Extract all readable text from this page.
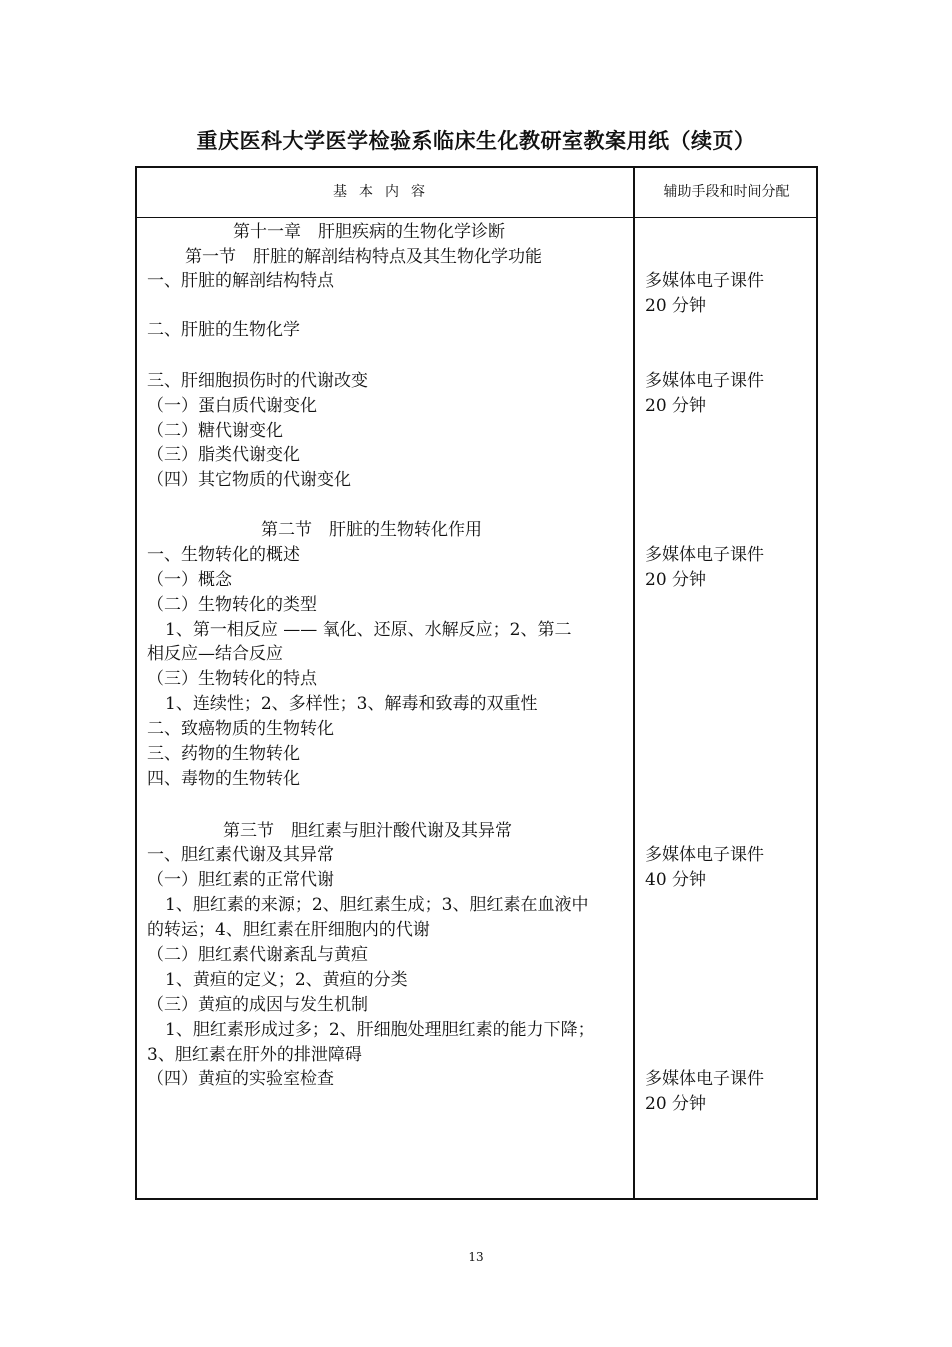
重庆医科大学医学检验系临床生化教研室教案用纸（续页）
基本内容	辅助手段和时间分配
第十一章　肝胆疾病的生物化学诊断
第一节　肝脏的解剖结构特点及其生物化学功能
一、肝脏的解剖结构特点
二、肝脏的生物化学
三、肝细胞损伤时的代谢改变
（一）蛋白质代谢变化
（二）糖代谢变化
（三）脂类代谢变化
（四）其它物质的代谢变化
第二节　肝脏的生物转化作用
一、生物转化的概述
（一）概念
（二）生物转化的类型
1、第一相反应 —— 氧化、还原、水解反应；2、第二
相反应—结合反应
（三）生物转化的特点
1、连续性；2、多样性；3、解毒和致毒的双重性
二、致癌物质的生物转化
三、药物的生物转化
四、毒物的生物转化
第三节　胆红素与胆汁酸代谢及其异常
一、胆红素代谢及其异常
（一）胆红素的正常代谢
1、胆红素的来源；2、胆红素生成；3、胆红素在血液中
的转运；4、胆红素在肝细胞内的代谢
（二）胆红素代谢紊乱与黄疸
1、黄疸的定义；2、黄疸的分类
（三）黄疸的成因与发生机制
1、胆红素形成过多；2、肝细胞处理胆红素的能力下降；
3、胆红素在肝外的排泄障碍
（四）黄疸的实验室检查
多媒体电子课件
20 分钟
多媒体电子课件
20 分钟
多媒体电子课件
20 分钟
多媒体电子课件
40 分钟
多媒体电子课件
20 分钟
13
